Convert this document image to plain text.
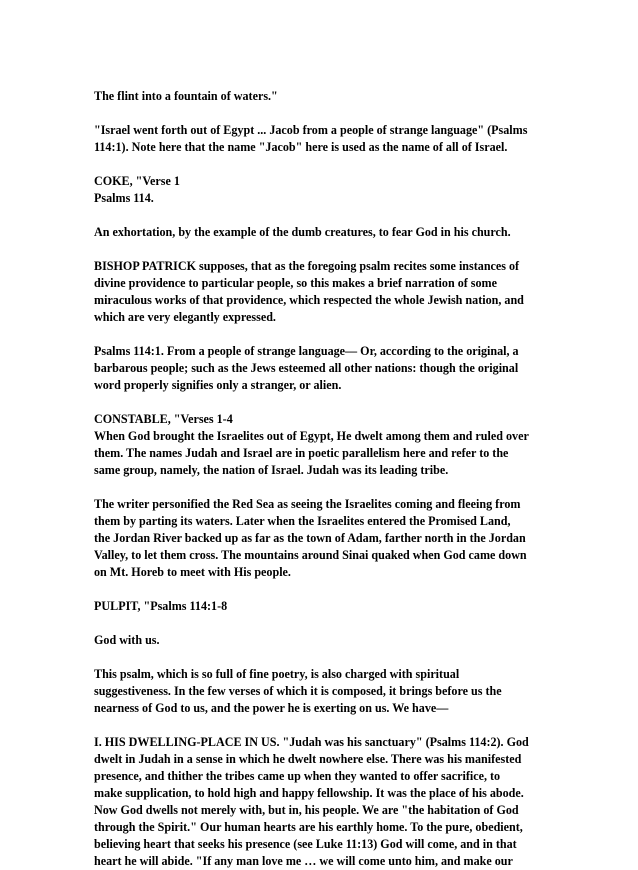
The flint into a fountain of waters."

"Israel went forth out of Egypt ... Jacob from a people of strange language" (Psalms
114:1). Note here that the name "Jacob" here is used as the name of all of Israel.

COKE, "Verse 1
Psalms 114.

An exhortation, by the example of the dumb creatures, to fear God in his church.

BISHOP PATRICK supposes, that as the foregoing psalm recites some instances of
divine providence to particular people, so this makes a brief narration of some
miraculous works of that providence, which respected the whole Jewish nation, and
which are very elegantly expressed.

Psalms 114:1. From a people of strange language— Or, according to the original, a
barbarous people; such as the Jews esteemed all other nations: though the original
word properly signifies only a stranger, or alien.

CONSTABLE, "Verses 1-4
When God brought the Israelites out of Egypt, He dwelt among them and ruled over
them. The names Judah and Israel are in poetic parallelism here and refer to the
same group, namely, the nation of Israel. Judah was its leading tribe.

The writer personified the Red Sea as seeing the Israelites coming and fleeing from
them by parting its waters. Later when the Israelites entered the Promised Land,
the Jordan River backed up as far as the town of Adam, farther north in the Jordan
Valley, to let them cross. The mountains around Sinai quaked when God came down
on Mt. Horeb to meet with His people.

PULPIT, "Psalms 114:1-8

God with us.

This psalm, which is so full of fine poetry, is also charged with spiritual
suggestiveness. In the few verses of which it is composed, it brings before us the
nearness of God to us, and the power he is exerting on us. We have—

I. HIS DWELLING-PLACE IN US. "Judah was his sanctuary" (Psalms 114:2). God
dwelt in Judah in a sense in which he dwelt nowhere else. There was his manifested
presence, and thither the tribes came up when they wanted to offer sacrifice, to
make supplication, to hold high and happy fellowship. It was the place of his abode.
Now God dwells not merely with, but in, his people. We are "the habitation of God
through the Spirit." Our human hearts are his earthly home. To the pure, obedient,
believing heart that seeks his presence (see Luke 11:13) God will come, and in that
heart he will abide. "If any man love me … we will come unto him, and make our
